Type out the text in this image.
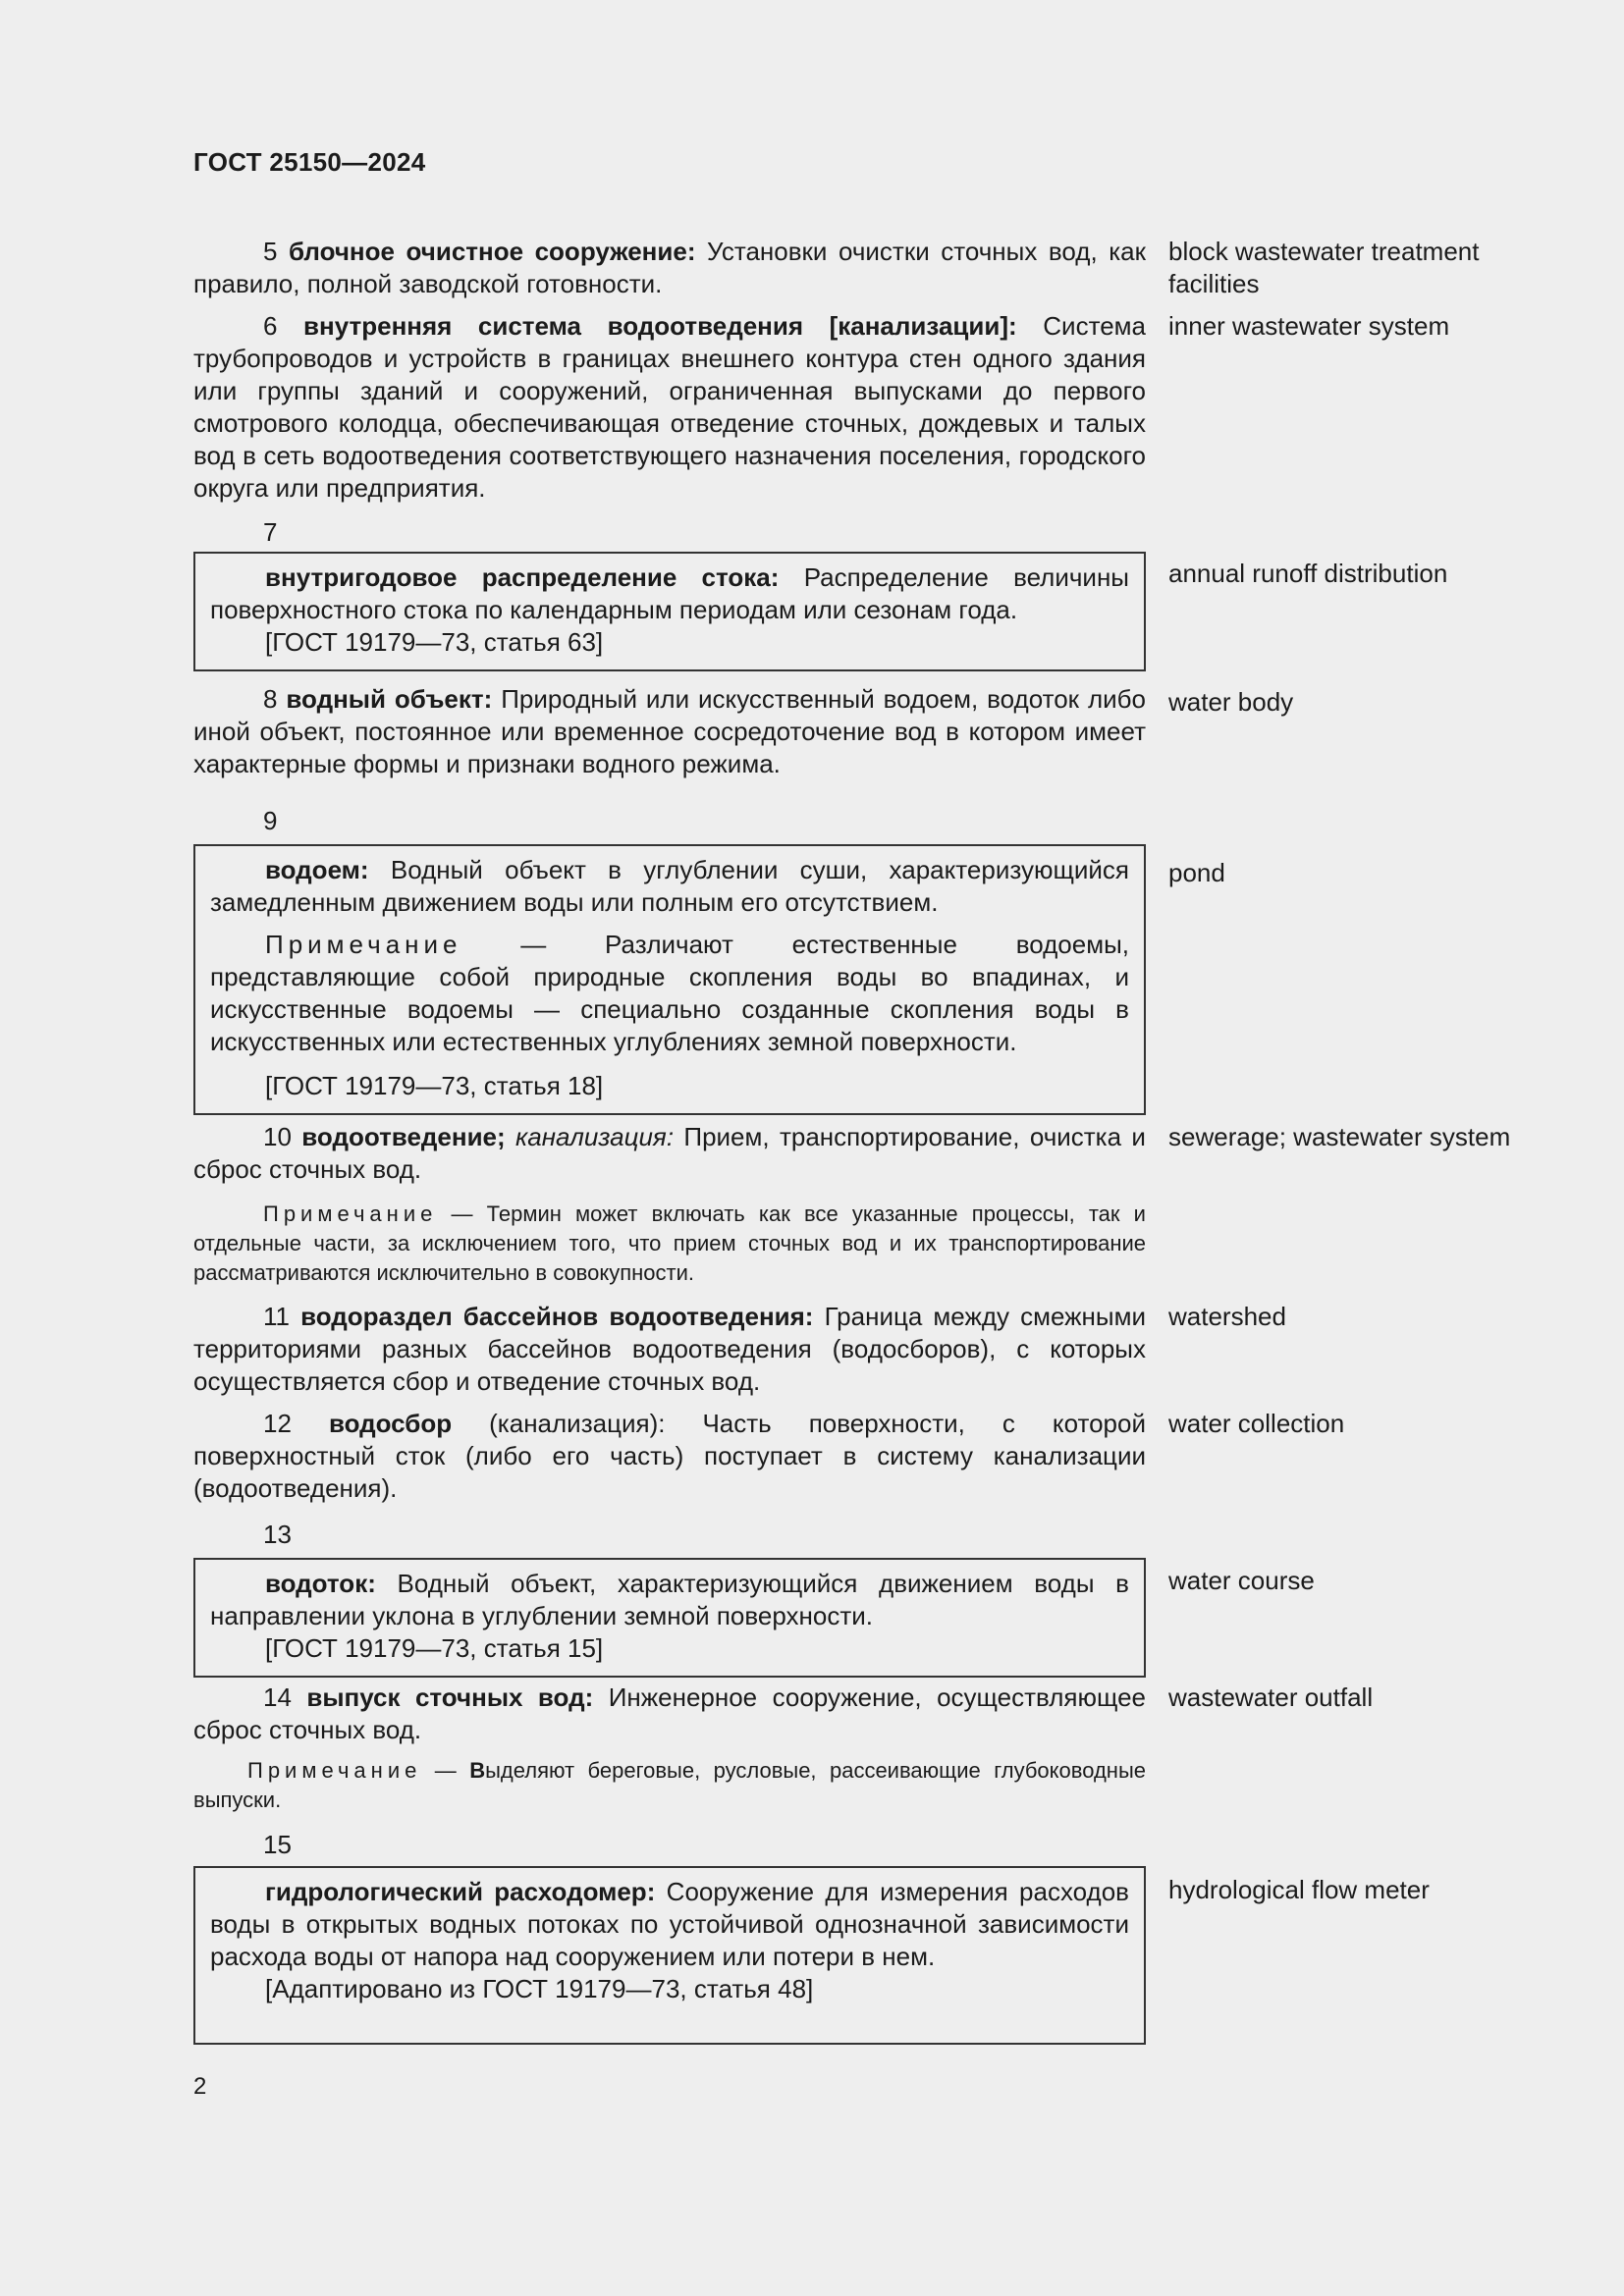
ГОСТ 25150—2024

5 блочное очистное сооружение: Установки очистки сточных вод, как правило, полной заводской готовности.

6 внутренняя система водоотведения [канализации]: Система трубопроводов и устройств в границах внешнего контура стен одного здания или группы зданий и сооружений, ограниченная выпусками до первого смотрового колодца, обеспечивающая отведение сточных, дождевых и талых вод в сеть водоотведения соответствующего назначения поселения, городского округа или предприятия.

7

внутригодовое распределение стока: Распределение величины поверхностного стока по календарным периодам или сезонам года.

[ГОСТ 19179—73, статья 63]

8 водный объект: Природный или искусственный водоем, водоток либо иной объект, постоянное или временное сосредоточение вод в котором имеет характерные формы и признаки водного режима.

9

водоем: Водный объект в углублении суши, характеризующийся замедленным движением воды или полным его отсутствием.

Примечание — Различают естественные водоемы, представляющие собой природные скопления воды во впадинах, и искусственные водоемы — специально созданные скопления воды в искусственных или естественных углублениях земной поверхности.

[ГОСТ 19179—73, статья 18]

10 водоотведение; канализация: Прием, транспортирование, очистка и сброс сточных вод.

Примечание — Термин может включать как все указанные процессы, так и отдельные части, за исключением того, что прием сточных вод и их транспортирование рассматриваются исключительно в совокупности.

11 водораздел бассейнов водоотведения: Граница между смежными территориями разных бассейнов водоотведения (водосборов), с которых осуществляется сбор и отведение сточных вод.

12 водосбор (канализация): Часть поверхности, с которой поверхностный сток (либо его часть) поступает в систему канализации (водоотведения).

13

водоток: Водный объект, характеризующийся движением воды в направлении уклона в углублении земной поверхности.

[ГОСТ 19179—73, статья 15]

14 выпуск сточных вод: Инженерное сооружение, осуществляющее сброс сточных вод.

Примечание — Выделяют береговые, русловые, рассеивающие глубоководные выпуски.

15

гидрологический расходомер: Сооружение для измерения расходов воды в открытых водных потоках по устойчивой однозначной зависимости расхода воды от напора над сооружением или потери в нем.

[Адаптировано из ГОСТ 19179—73, статья 48]

block wastewater treatment facilities
inner wastewater system
annual runoff distribution
water body
pond
sewerage; wastewater system
watershed
water collection
water course
wastewater outfall
hydrological flow meter
2
